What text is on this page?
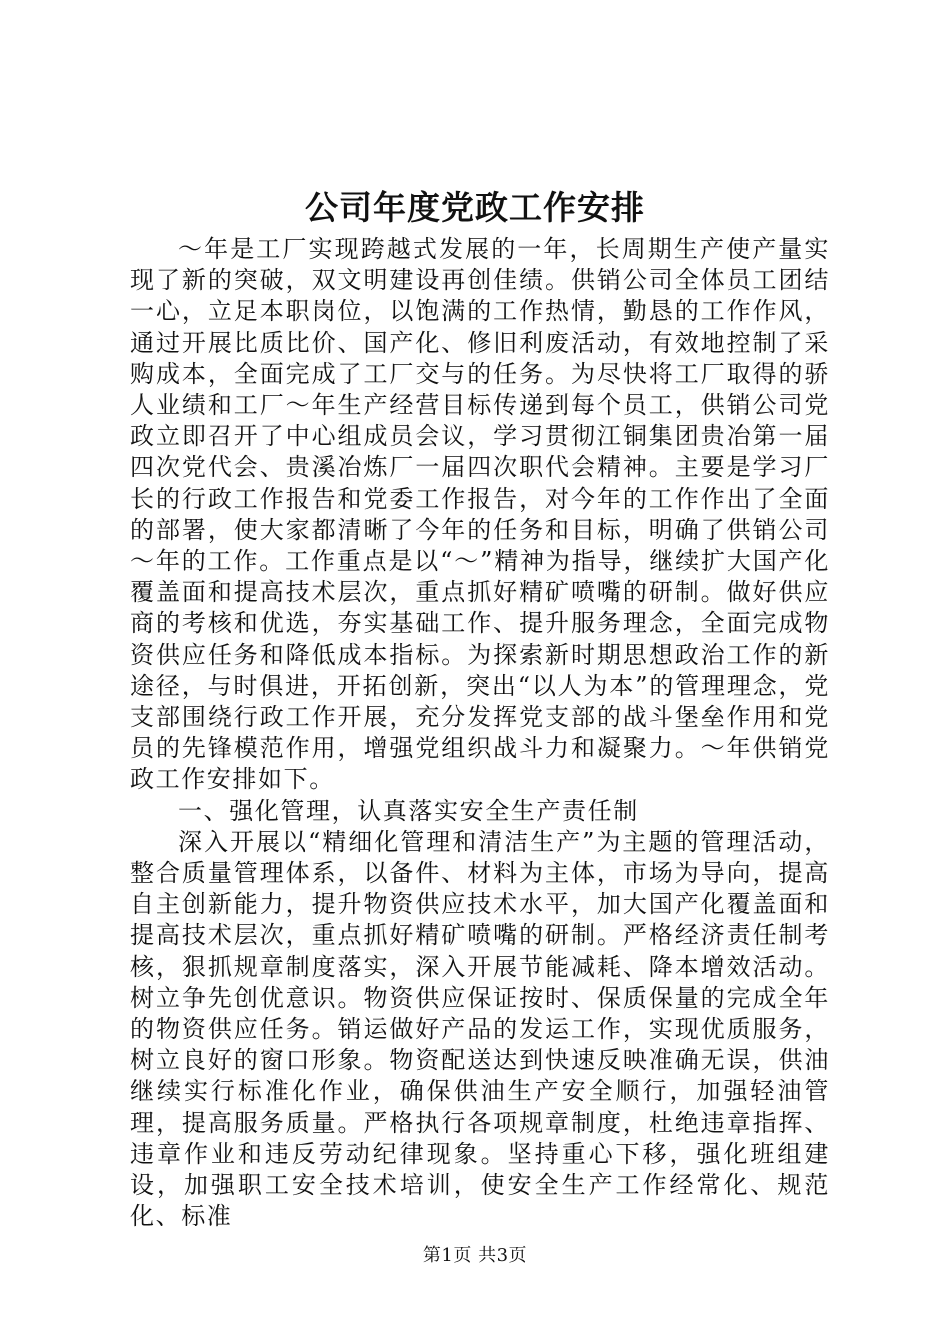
公司年度党政工作安排

～年是工厂实现跨越式发展的一年，长周期生产使产量实现了新的突破，双文明建设再创佳绩。供销公司全体员工团结一心，立足本职岗位，以饱满的工作热情，勤恳的工作作风，通过开展比质比价、国产化、修旧利废活动，有效地控制了采购成本，全面完成了工厂交与的任务。为尽快将工厂取得的骄人业绩和工厂～年生产经营目标传递到每个员工，供销公司党政立即召开了中心组成员会议，学习贯彻江铜集团贵冶第一届四次党代会、贵溪冶炼厂一届四次职代会精神。主要是学习厂长的行政工作报告和党委工作报告，对今年的工作作出了全面的部署，使大家都清晰了今年的任务和目标，明确了供销公司～年的工作。工作重点是以“～”精神为指导，继续扩大国产化覆盖面和提高技术层次，重点抓好精矿喷嘴的研制。做好供应商的考核和优选，夯实基础工作、提升服务理念，全面完成物资供应任务和降低成本指标。为探索新时期思想政治工作的新途径，与时俱进，开拓创新，突出“以人为本”的管理理念，党支部围绕行政工作开展，充分发挥党支部的战斗堡垒作用和党员的先锋模范作用，增强党组织战斗力和凝聚力。～年供销党政工作安排如下。

一、强化管理，认真落实安全生产责任制

深入开展以“精细化管理和清洁生产”为主题的管理活动，整合质量管理体系，以备件、材料为主体，市场为导向，提高自主创新能力，提升物资供应技术水平，加大国产化覆盖面和提高技术层次，重点抓好精矿喷嘴的研制。严格经济责任制考核，狠抓规章制度落实，深入开展节能减耗、降本增效活动。树立争先创优意识。物资供应保证按时、保质保量的完成全年的物资供应任务。销运做好产品的发运工作，实现优质服务，树立良好的窗口形象。物资配送达到快速反映准确无误，供油继续实行标准化作业，确保供油生产安全顺行，加强轻油管理，提高服务质量。严格执行各项规章制度，杜绝违章指挥、违章作业和违反劳动纪律现象。坚持重心下移，强化班组建设，加强职工安全技术培训，使安全生产工作经常化、规范化、标准

第1页 共3页
